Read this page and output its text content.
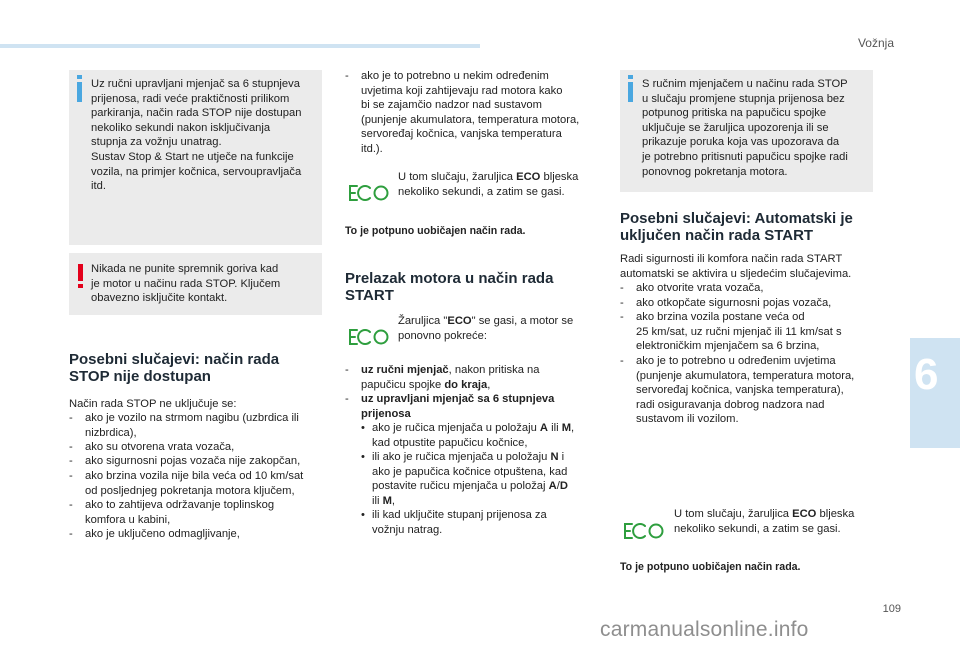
Vožnja
6
109
carmanualsonline.info
Uz ručni upravljani mjenjač sa 6 stupnjeva
prijenosa, radi veće praktičnosti prilikom
parkiranja, način rada STOP nije dostupan
nekoliko sekundi nakon isključivanja
stupnja za vožnju unatrag.
Sustav Stop & Start ne utječe na funkcije
vozila, na primjer kočnica, servoupravljača
itd.
Nikada ne punite spremnik goriva kad
je motor u načinu rada STOP. Ključem
obavezno isključite kontakt.
Posebni slučajevi: način rada STOP nije dostupan
Način rada STOP ne uključuje se:
- ako je vozilo na strmom nagibu (uzbrdica ili
nizbrdica),
- ako su otvorena vrata vozača,
- ako sigurnosni pojas vozača nije zakopčan,
- ako brzina vozila nije bila veća od 10 km/sat
od posljednjeg pokretanja motora ključem,
- ako to zahtijeva održavanje toplinskog
komfora u kabini,
- ako je uključeno odmagljivanje,
- ako je to potrebno u nekim određenim
uvjetima koji zahtijevaju rad motora kako
bi se zajamčio nadzor nad sustavom
(punjenje akumulatora, temperatura motora,
servoređaj kočnica, vanjska temperatura
itd.).
U tom slučaju, žaruljica ECO bljeska
nekoliko sekundi, a zatim se gasi.
To je potpuno uobičajen način rada.
Prelazak motora u način rada START
Žaruljica "ECO" se gasi, a motor se
ponovno pokreće:
- uz ručni mjenjač, nakon pritiska na
papučicu spojke do kraja,
- uz upravljani mjenjač sa 6 stupnjeva
prijenosa
• ako je ručica mjenjača u položaju A ili M,
kad otpustite papučicu kočnice,
• ili ako je ručica mjenjača u položaju N i
ako je papučica kočnice otpuštena, kad
postavite ručicu mjenjača u položaj A/D
ili M,
• ili kad uključite stupanj prijenosa za
vožnju natrag.
S ručnim mjenjačem u načinu rada STOP
u slučaju promjene stupnja prijenosa bez
potpunog pritiska na papučicu spojke
uključuje se žaruljica upozorenja ili se
prikazuje poruka koja vas upozorava da
je potrebno pritisnuti papučicu spojke radi
ponovnog pokretanja motora.
Posebni slučajevi: Automatski je uključen način rada START
Radi sigurnosti ili komfora način rada START
automatski se aktivira u sljedećim slučajevima.
- ako otvorite vrata vozača,
- ako otkopčate sigurnosni pojas vozača,
- ako brzina vozila postane veća od
25 km/sat, uz ručni mjenjač ili 11 km/sat s
elektroničkim mjenjačem sa 6 brzina,
- ako je to potrebno u određenim uvjetima
(punjenje akumulatora, temperatura motora,
servoređaj kočnica, vanjska temperatura),
radi osiguravanja dobrog nadzora nad
sustavom ili vozilom.
U tom slučaju, žaruljica ECO bljeska
nekoliko sekundi, a zatim se gasi.
To je potpuno uobičajen način rada.
